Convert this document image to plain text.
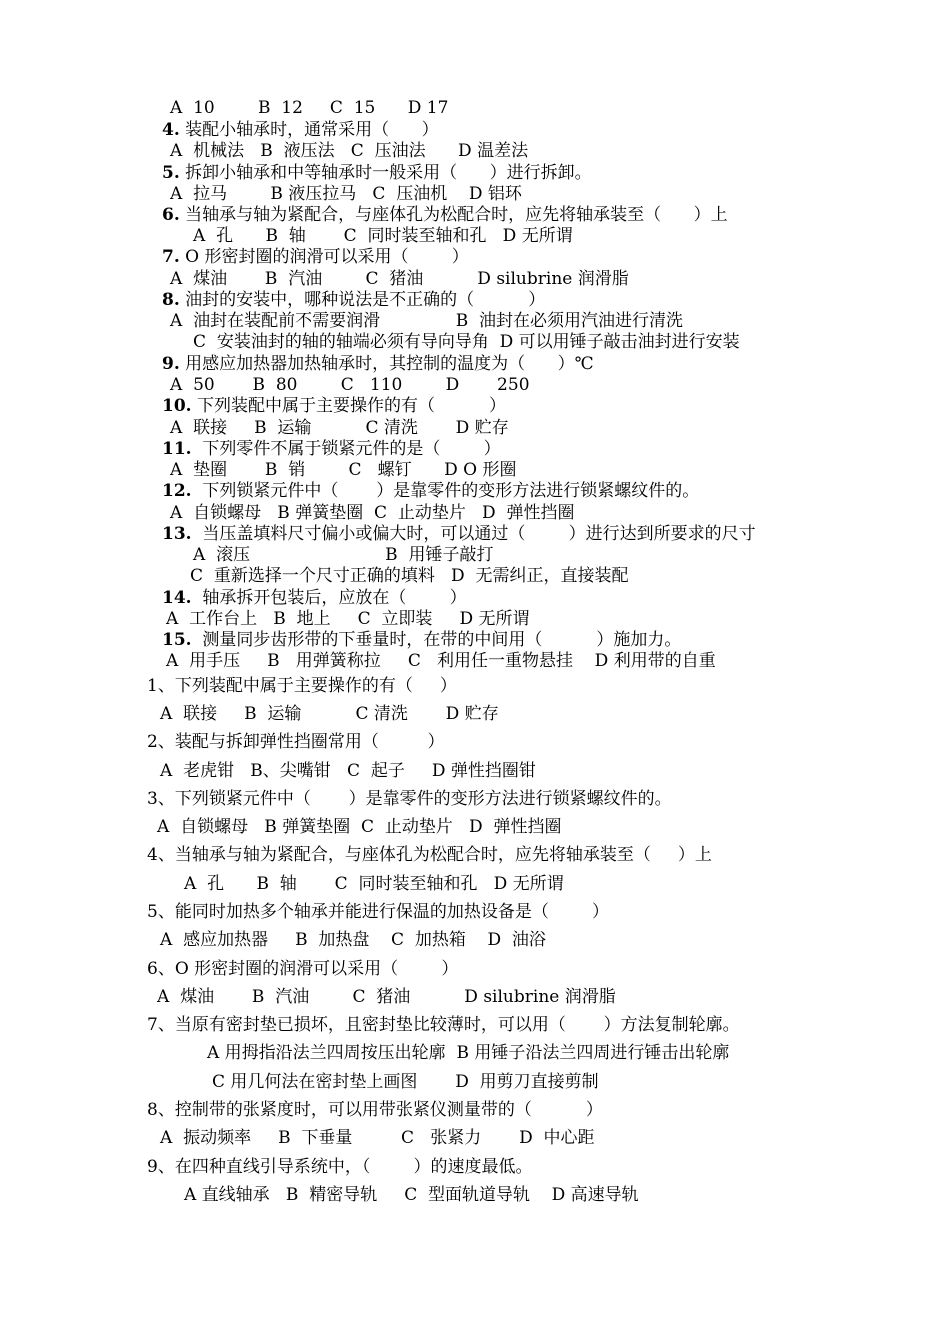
A  10        B  12     C  15      D 17
4. 装配小轴承时，通常采用（      ）
A  机械法   B  液压法   C  压油法      D 温差法
5. 拆卸小轴承和中等轴承时一般采用（      ）进行拆卸。
A  拉马        B 液压拉马   C  压油机    D 铝环
6. 当轴承与轴为紧配合，与座体孔为松配合时，应先将轴承装至（      ）上
A  孔      B  轴       C  同时装至轴和孔   D 无所谓
7. O 形密封圈的润滑可以采用（        ）
A  煤油       B  汽油        C  猪油          D silubrine 润滑脂
8. 油封的安装中，哪种说法是不正确的（          ）
A  油封在装配前不需要润滑              B  油封在必须用汽油进行清洗
C  安装油封的轴的轴端必须有导向导角  D 可以用锤子敲击油封进行安装
9. 用感应加热器加热轴承时，其控制的温度为（      ）℃
A  50       B  80        C   110        D       250
10. 下列装配中属于主要操作的有（          ）
A  联接     B  运输          C 清洗       D 贮存
11.  下列零件不属于锁紧元件的是（        ）
A  垫圈       B  销        C   螺钉      D O 形圈
12.  下列锁紧元件中（       ）是靠零件的变形方法进行锁紧螺纹件的。
A  自锁螺母   B 弹簧垫圈  C  止动垫片   D  弹性挡圈
13.  当压盖填料尺寸偏小或偏大时，可以通过（        ）进行达到所要求的尺寸
A  滚压                         B  用锤子敲打
C  重新选择一个尺寸正确的填料   D  无需纠正，直接装配
14.  轴承拆开包装后，应放在（        ）
A  工作台上   B  地上     C  立即装     D 无所谓
15.  测量同步齿形带的下垂量时，在带的中间用（          ）施加力。
A  用手压     B   用弹簧称拉     C   利用任一重物悬挂    D 利用带的自重
1、下列装配中属于主要操作的有（     ）
A  联接     B  运输          C 清洗       D 贮存
2、装配与拆卸弹性挡圈常用（         ）
A  老虎钳   B、尖嘴钳   C  起子     D 弹性挡圈钳
3、下列锁紧元件中（       ）是靠零件的变形方法进行锁紧螺纹件的。
A  自锁螺母   B 弹簧垫圈  C  止动垫片   D  弹性挡圈
4、当轴承与轴为紧配合，与座体孔为松配合时，应先将轴承装至（     ）上
A  孔      B  轴       C  同时装至轴和孔   D 无所谓
5、能同时加热多个轴承并能进行保温的加热设备是（        ）
A  感应加热器     B  加热盘    C  加热箱    D  油浴
6、O 形密封圈的润滑可以采用（        ）
A  煤油       B  汽油        C  猪油          D silubrine 润滑脂
7、当原有密封垫已损坏，且密封垫比较薄时，可以用（       ）方法复制轮廓。
A 用拇指沿法兰四周按压出轮廓  B 用锤子沿法兰四周进行锤击出轮廓
C 用几何法在密封垫上画图       D  用剪刀直接剪制
8、控制带的张紧度时，可以用带张紧仪测量带的（          ）
A  振动频率     B  下垂量         C   张紧力       D  中心距
9、在四种直线引导系统中，（        ）的速度最低。
A 直线轴承   B  精密导轨     C  型面轨道导轨    D 高速导轨
